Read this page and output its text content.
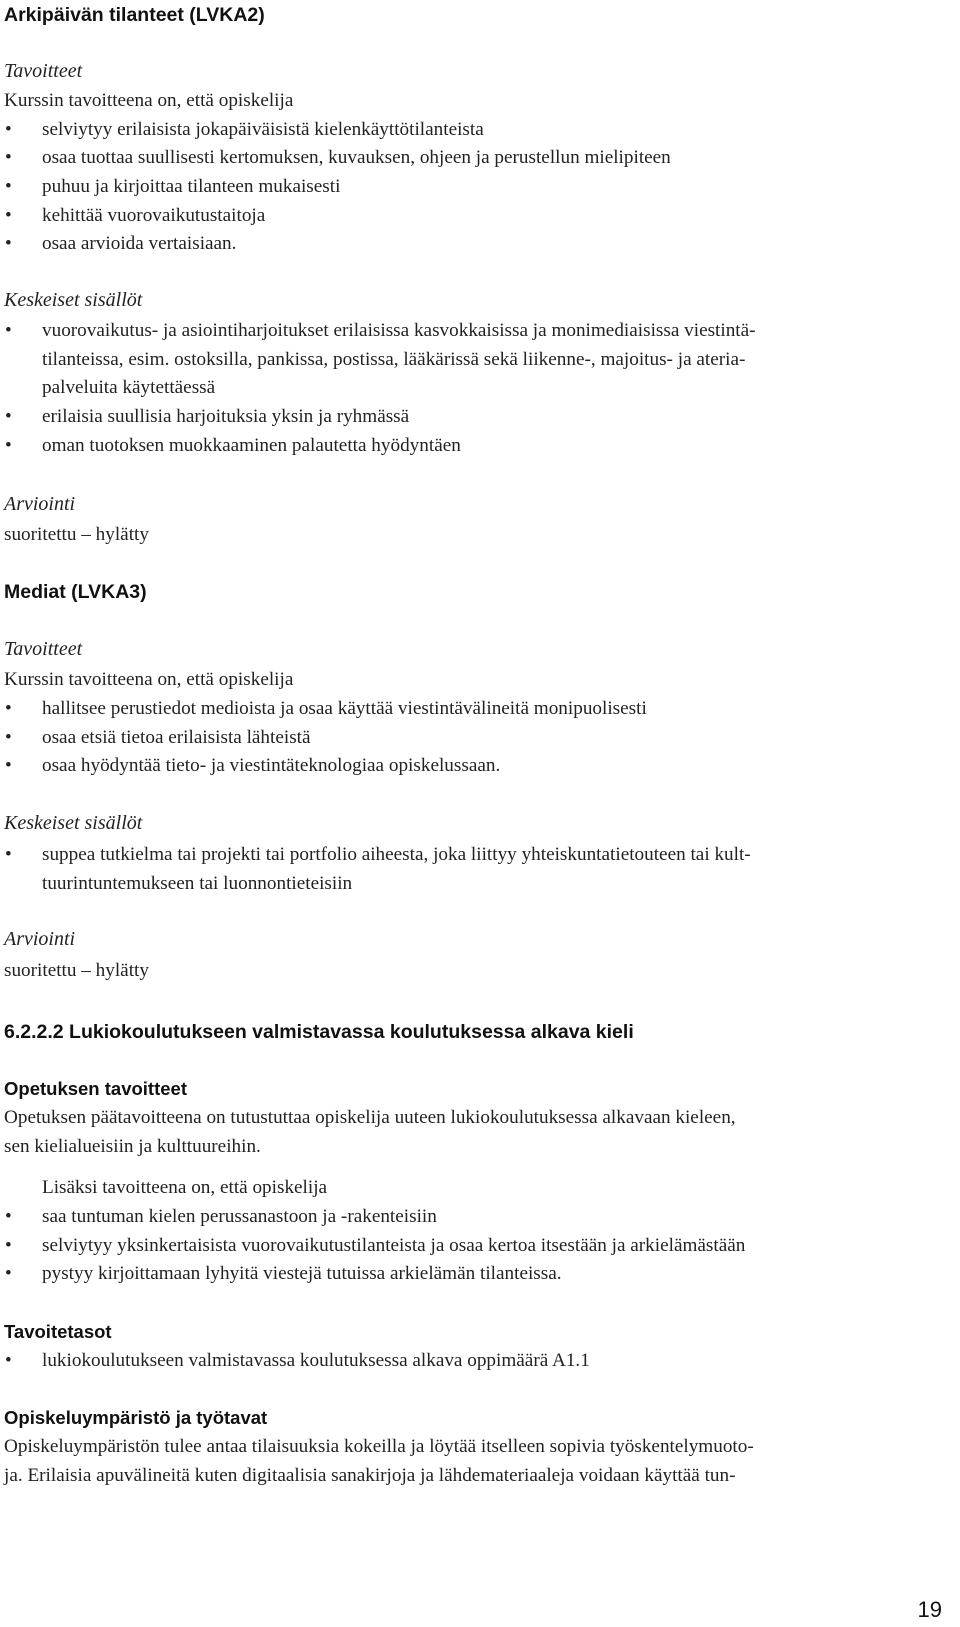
Arkipäivän tilanteet (LVKA2)
Tavoitteet
Kurssin tavoitteena on, että opiskelija
• selviytyy erilaisista jokapäiväisistä kielenkäyttötilanteista
• osaa tuottaa suullisesti kertomuksen, kuvauksen, ohjeen ja perustellun mielipiteen
• puhuu ja kirjoittaa tilanteen mukaisesti
• kehittää vuorovaikutustaitoja
• osaa arvioida vertaisiaan.
Keskeiset sisällöt
• vuorovaikutus- ja asiointiharjoitukset erilaisissa kasvokkaisissa ja monimediaisissa viestintä-
tilanteissa, esim. ostoksilla, pankissa, postissa, lääkärissä sekä liikenne-, majoitus- ja ateria-
palveluita käytettäessä
• erilaisia suullisia harjoituksia yksin ja ryhmässä
• oman tuotoksen muokkaaminen palautetta hyödyntäen
Arviointi
suoritettu – hylätty
Mediat (LVKA3)
Tavoitteet
Kurssin tavoitteena on, että opiskelija
• hallitsee perustiedot medioista ja osaa käyttää viestintävälineitä monipuolisesti
• osaa etsiä tietoa erilaisista lähteistä
• osaa hyödyntää tieto- ja viestintäteknologiaa opiskelussaan.
Keskeiset sisällöt
• suppea tutkielma tai projekti tai portfolio aiheesta, joka liittyy yhteiskuntatietouteen tai kult-
tuurintuntemukseen tai luonnontieteisiin
Arviointi
suoritettu – hylätty
6.2.2.2 Lukiokoulutukseen valmistavassa koulutuksessa alkava kieli
Opetuksen tavoitteet
Opetuksen päätavoitteena on tutustuttaa opiskelija uuteen lukiokoulutuksessa alkavaan kieleen,
sen kielialueisiin ja kulttuureihin.
Lisäksi tavoitteena on, että opiskelija
• saa tuntuman kielen perussanastoon ja -rakenteisiin
• selviytyy yksinkertaisista vuorovaikutustilanteista ja osaa kertoa itsestään ja arkielämästään
• pystyy kirjoittamaan lyhyitä viestejä tutuissa arkielämän tilanteissa.
Tavoitetasot
• lukiokoulutukseen valmistavassa koulutuksessa alkava oppimäärä A1.1
Opiskeluympäristö ja työtavat
Opiskeluympäristön tulee antaa tilaisuuksia kokeilla ja löytää itselleen sopivia työskentelymuoto-
ja. Erilaisia apuvälineitä kuten digitaalisia sanakirjoja ja lähdemateriaaleja voidaan käyttää tun-
19
